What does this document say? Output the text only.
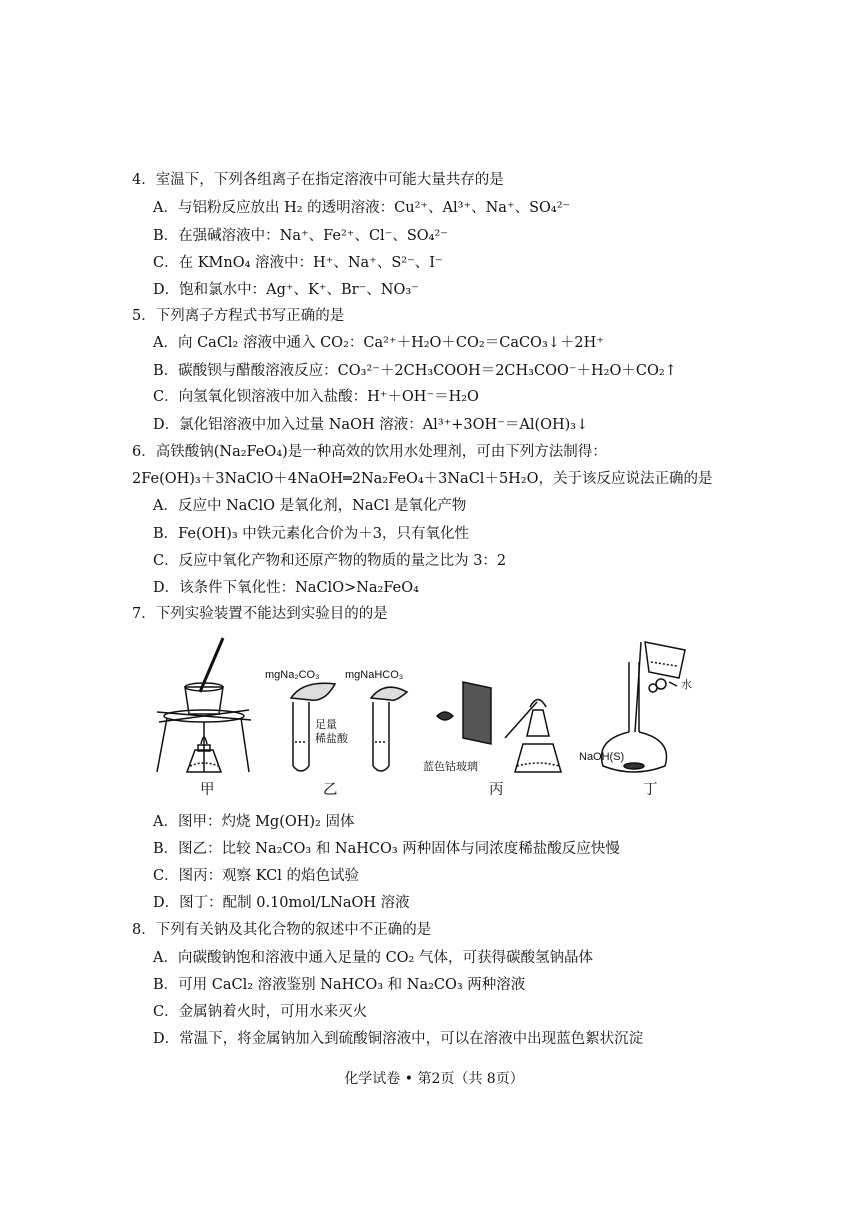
4．室温下，下列各组离子在指定溶液中可能大量共存的是
A．与铝粉反应放出 H₂ 的透明溶液：Cu²⁺、Al³⁺、Na⁺、SO₄²⁻
B．在强碱溶液中：Na⁺、Fe²⁺、Cl⁻、SO₄²⁻
C．在 KMnO₄ 溶液中：H⁺、Na⁺、S²⁻、I⁻
D．饱和氯水中：Ag⁺、K⁺、Br⁻、NO₃⁻
5．下列离子方程式书写正确的是
A．向 CaCl₂ 溶液中通入 CO₂：Ca²⁺＋H₂O＋CO₂＝CaCO₃↓＋2H⁺
B．碳酸钡与醋酸溶液反应：CO₃²⁻＋2CH₃COOH＝2CH₃COO⁻＋H₂O＋CO₂↑
C．向氢氧化钡溶液中加入盐酸：H⁺＋OH⁻＝H₂O
D．氯化铝溶液中加入过量 NaOH 溶液：Al³⁺+3OH⁻＝Al(OH)₃↓
6．高铁酸钠(Na₂FeO₄)是一种高效的饮用水处理剂，可由下列方法制得：
2Fe(OH)₃＋3NaClO＋4NaOH═2Na₂FeO₄＋3NaCl＋5H₂O，关于该反应说法正确的是
A．反应中 NaClO 是氧化剂，NaCl 是氧化产物
B．Fe(OH)₃ 中铁元素化合价为＋3，只有氧化性
C．反应中氧化产物和还原产物的物质的量之比为 3：2
D．该条件下氧化性：NaClO>Na₂FeO₄
7．下列实验装置不能达到实验目的的是
mgNa₂CO₃ mgNaHCO₃
足量
稀盐酸
蓝色钴玻璃
水
NaOH(S)
甲	乙	丙	丁
A．图甲：灼烧 Mg(OH)₂ 固体
B．图乙：比较 Na₂CO₃ 和 NaHCO₃ 两种固体与同浓度稀盐酸反应快慢
C．图丙：观察 KCl 的焰色试验
D．图丁：配制 0.10mol/LNaOH 溶液
8．下列有关钠及其化合物的叙述中不正确的是
A．向碳酸钠饱和溶液中通入足量的 CO₂ 气体，可获得碳酸氢钠晶体
B．可用 CaCl₂ 溶液鉴别 NaHCO₃ 和 Na₂CO₃ 两种溶液
C．金属钠着火时，可用水来灭火
D．常温下，将金属钠加入到硫酸铜溶液中，可以在溶液中出现蓝色絮状沉淀
化学试卷 • 第2页（共 8页）
